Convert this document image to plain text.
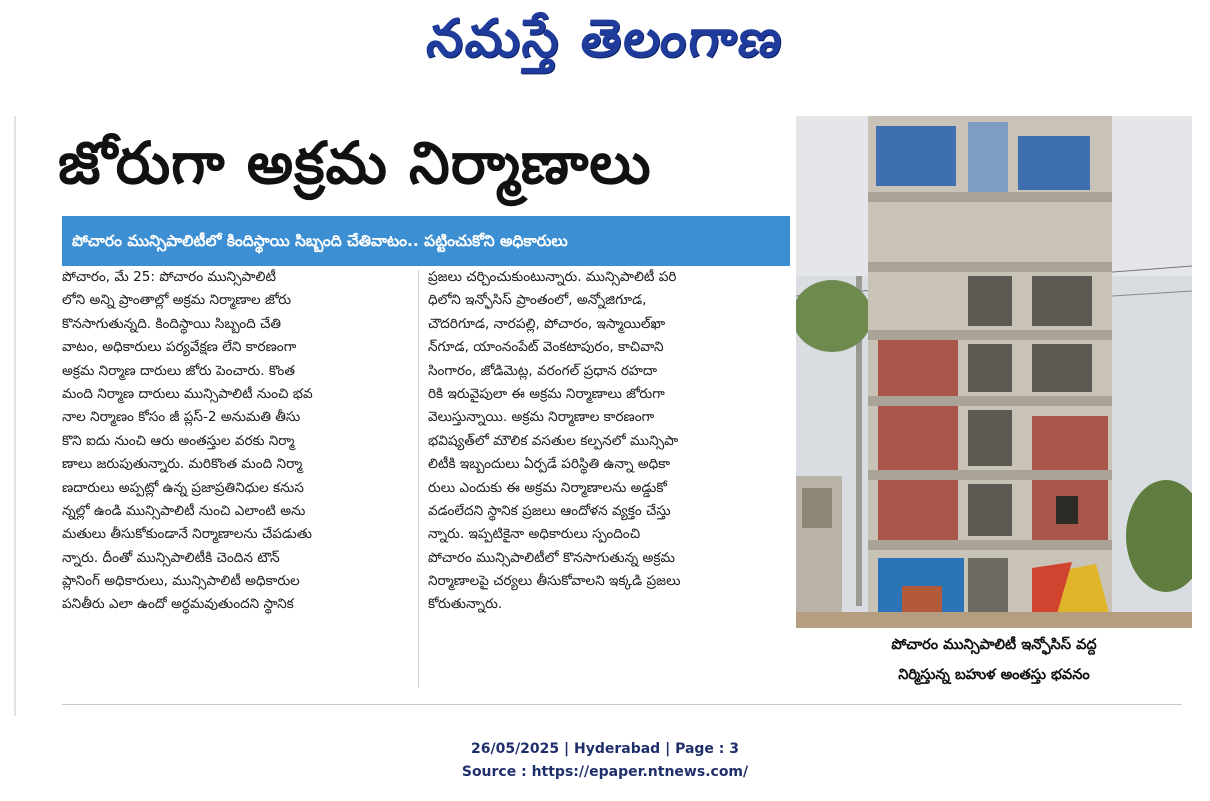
నమస్తే తెలంగాణ
జోరుగా అక్రమ నిర్మాణాలు
పోచారం మున్సిపాలిటీలో కిందిస్థాయి సిబ్బంది చేతివాటం.. పట్టించుకోని అధికారులు
పోచారం, మే 25: పోచారం మున్సిపాలిటీ
లోని అన్ని ప్రాంతాల్లో అక్రమ నిర్మాణాల జోరు
కొనసాగుతున్నది. కిందిస్థాయి సిబ్బంది చేతి
వాటం, అధికారులు పర్యవేక్షణ లేని కారణంగా
అక్రమ నిర్మాణ దారులు జోరు పెంచారు. కొంత
మంది నిర్మాణ దారులు మున్సిపాలిటీ నుంచి భవ
నాల నిర్మాణం కోసం జీ ప్లస్-2 అనుమతి తీసు
కొని ఐదు నుంచి ఆరు అంతస్తుల వరకు నిర్మా
ణాలు జరుపుతున్నారు. మరికొంత మంది నిర్మా
ణదారులు అప్పట్లో ఉన్న ప్రజాప్రతినిధుల కనుస
న్నల్లో ఉండి మున్సిపాలిటీ నుంచి ఎలాంటి అను
మతులు తీసుకోకుండానే నిర్మాణాలను చేపడుతు
న్నారు. దీంతో మున్సిపాలిటీకి చెందిన టౌన్
ప్లానింగ్ అధికారులు, మున్సిపాలిటీ అధికారుల
పనితీరు ఎలా ఉందో అర్థమవుతుందని స్థానిక
ప్రజలు చర్చించుకుంటున్నారు. మున్సిపాలిటీ పరి
ధిలోని ఇన్ఫోసిస్ ప్రాంతంలో, అన్నోజిగూడ,
చౌదరిగూడ, నారపల్లి, పోచారం, ఇస్మాయిల్‌ఖా
న్‌గూడ, యాంనంపేట్ వెంకటాపురం, కాచివాని
సింగారం, జోడిమెట్ల, వరంగల్ ప్రధాన రహదా
రికి ఇరువైపులా ఈ అక్రమ నిర్మాణాలు జోరుగా
వెలుస్తున్నాయి. అక్రమ నిర్మాణాల కారణంగా
భవిష్యత్‌లో మౌలిక వసతుల కల్పనలో మున్సిపా
లిటీకి ఇబ్బందులు ఏర్పడే పరిస్థితి ఉన్నా అధికా
రులు ఎందుకు ఈ అక్రమ నిర్మాణాలను అడ్డుకో
వడంలేదని స్థానిక ప్రజలు ఆందోళన వ్యక్తం చేస్తు
న్నారు. ఇప్పటికైనా అధికారులు స్పందించి
పోచారం మున్సిపాలిటీలో కొనసాగుతున్న అక్రమ
నిర్మాణాలపై చర్యలు తీసుకోవాలని ఇక్కడి ప్రజలు
కోరుతున్నారు.
పోచారం మున్సిపాలిటీ ఇన్ఫోసిస్ వద్ద
నిర్మిస్తున్న బహుళ అంతస్తు భవనం
26/05/2025 | Hyderabad | Page : 3
Source : https://epaper.ntnews.com/
